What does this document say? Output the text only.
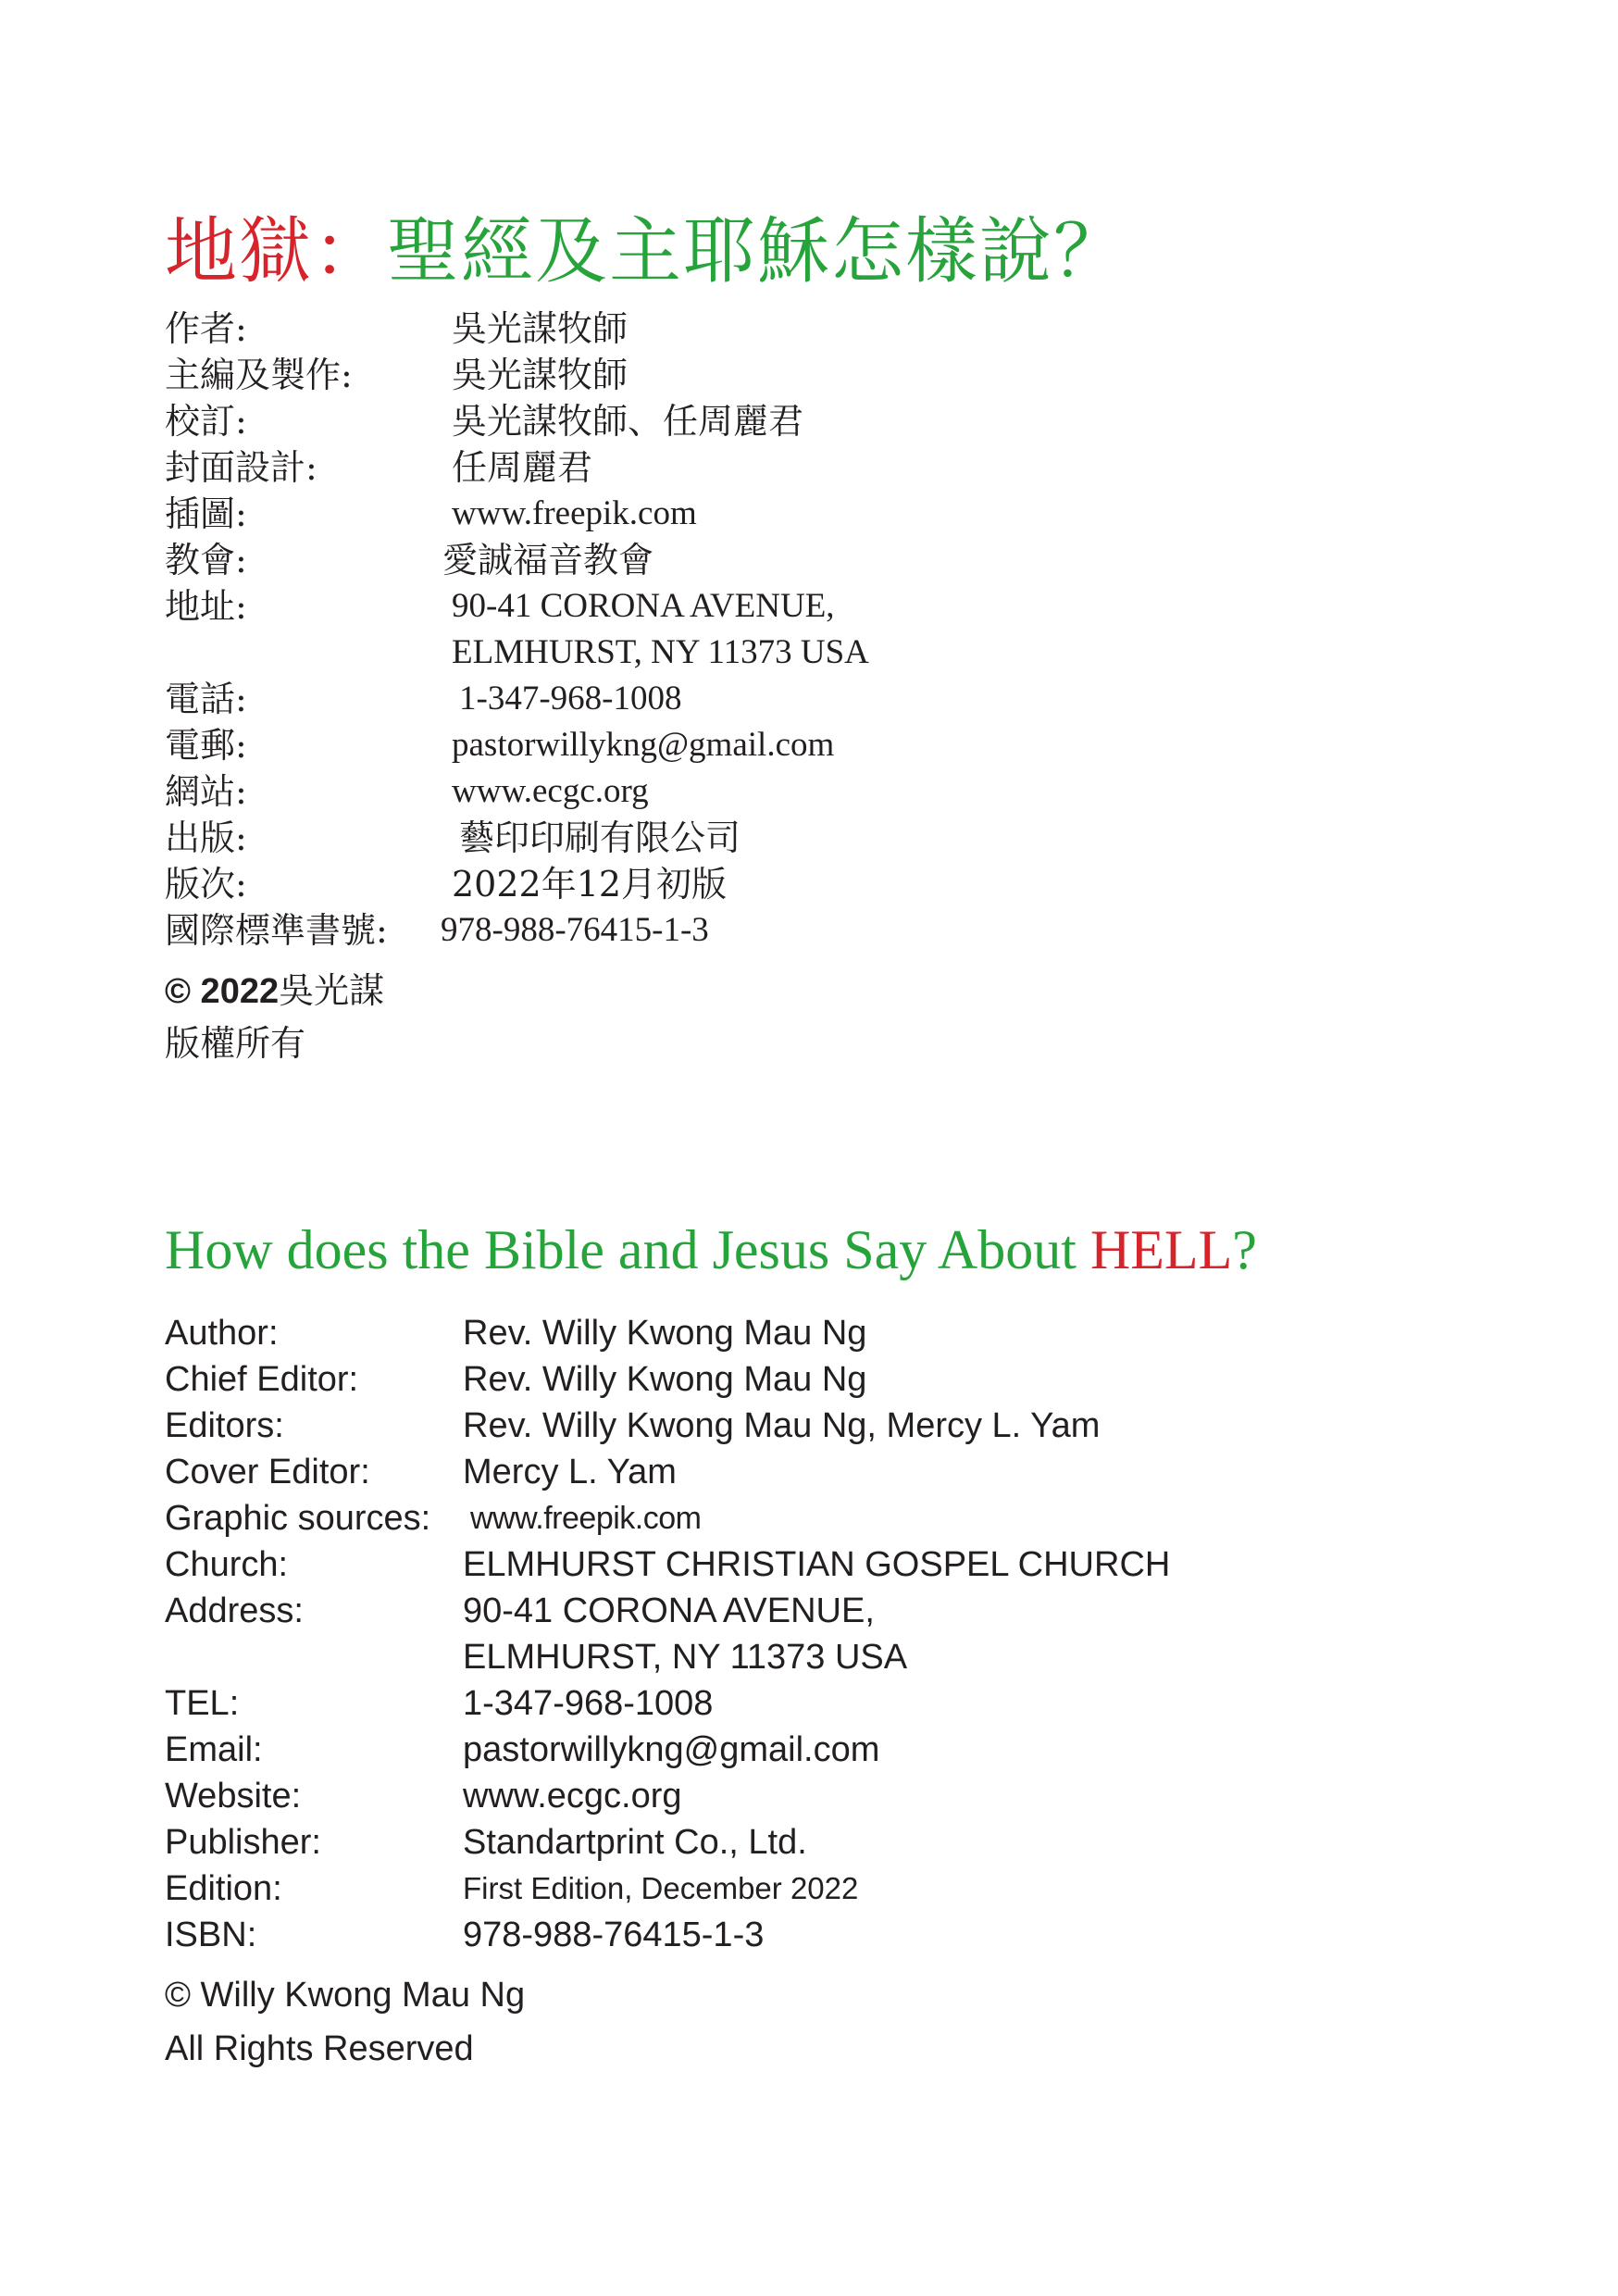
地獄：聖經及主耶穌怎樣說？
作者:	吳光謀牧師
主編及製作:	吳光謀牧師
校訂:	吳光謀牧師、任周麗君
封面設計:	任周麗君
插圖:	www.freepik.com
教會:	愛誠福音教會
地址:	90-41 CORONA AVENUE,
ELMHURST, NY 11373 USA
電話:	1-347-968-1008
電郵:	pastorwillykng@gmail.com
網站:	www.ecgc.org
出版:	藝印印刷有限公司
版次:	2022年12月初版
國際標準書號: 978-988-76415-1-3
© 2022吳光謀
版權所有
How does the Bible and Jesus Say About HELL?
Author:	Rev. Willy Kwong Mau Ng
Chief Editor:	Rev. Willy Kwong Mau Ng
Editors:	Rev. Willy Kwong Mau Ng, Mercy L. Yam
Cover Editor:	Mercy L. Yam
Graphic sources: www.freepik.com
Church:	ELMHURST CHRISTIAN GOSPEL CHURCH
Address:	90-41 CORONA AVENUE,
ELMHURST, NY 11373 USA
TEL:	1-347-968-1008
Email:	pastorwillykng@gmail.com
Website:	www.ecgc.org
Publisher:	Standartprint Co., Ltd.
Edition:	First Edition, December 2022
ISBN:	978-988-76415-1-3
© Willy Kwong Mau Ng
All Rights Reserved
